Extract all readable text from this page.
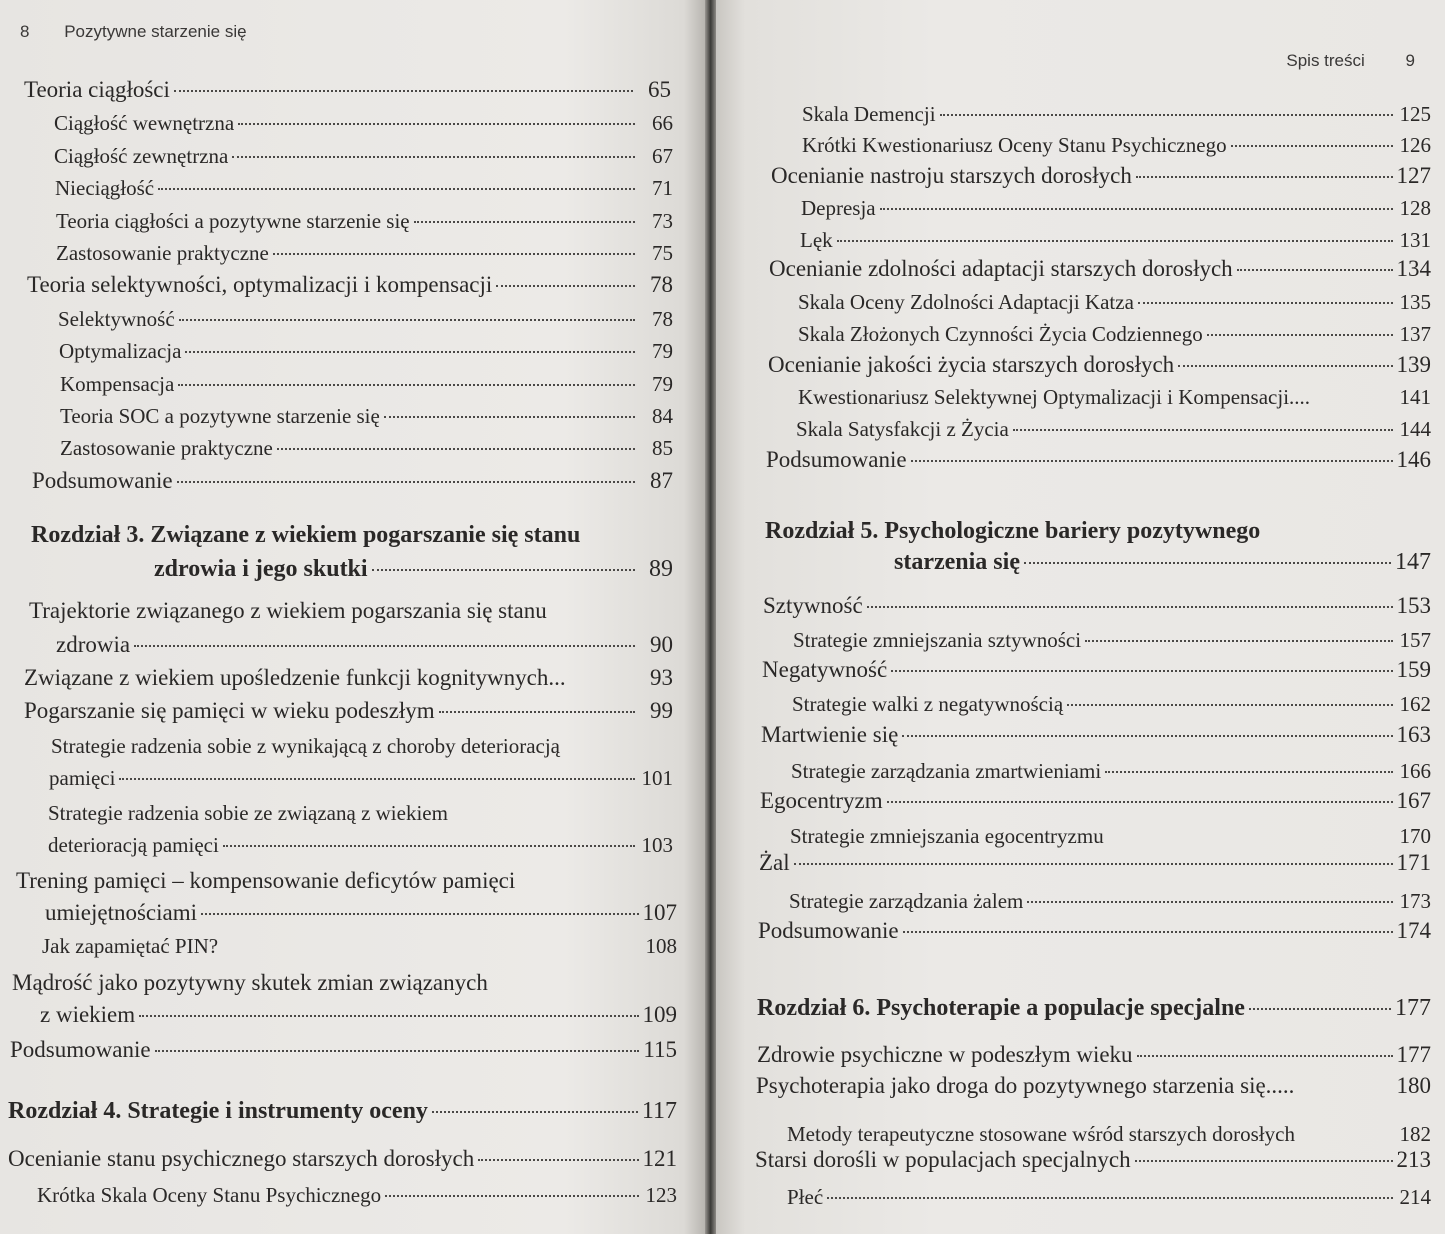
8 Pozytywne starzenie się
Teoria ciągłości	65
Ciągłość wewnętrzna	66
Ciągłość zewnętrzna	67
Nieciągłość	71
Teoria ciągłości a pozytywne starzenie się	73
Zastosowanie praktyczne	75
Teoria selektywności, optymalizacji i kompensacji	78
Selektywność	78
Optymalizacja	79
Kompensacja	79
Teoria SOC a pozytywne starzenie się	84
Zastosowanie praktyczne	85
Podsumowanie	87
Rozdział 3. Związane z wiekiem pogarszanie się stanu
zdrowia i jego skutki	89
Trajektorie związanego z wiekiem pogarszania się stanu
zdrowia	90
Związane z wiekiem upośledzenie funkcji kognitywnych...	93
Pogarszanie się pamięci w wieku podeszłym	99
Strategie radzenia sobie z wynikającą z choroby deterioracją
pamięci	101
Strategie radzenia sobie ze związaną z wiekiem
deterioracją pamięci	103
Trening pamięci – kompensowanie deficytów pamięci
umiejętnościami	107
Jak zapamiętać PIN?	108
Mądrość jako pozytywny skutek zmian związanych
z wiekiem	109
Podsumowanie	115
Rozdział 4. Strategie i instrumenty oceny	117
Ocenianie stanu psychicznego starszych dorosłych	121
Krótka Skala Oceny Stanu Psychicznego	123
Spis treści 9
Skala Demencji	125
Krótki Kwestionariusz Oceny Stanu Psychicznego	126
Ocenianie nastroju starszych dorosłych	127
Depresja	128
Lęk	131
Ocenianie zdolności adaptacji starszych dorosłych	134
Skala Oceny Zdolności Adaptacji Katza	135
Skala Złożonych Czynności Życia Codziennego	137
Ocenianie jakości życia starszych dorosłych	139
Kwestionariusz Selektywnej Optymalizacji i Kompensacji....	141
Skala Satysfakcji z Życia	144
Podsumowanie	146
Rozdział 5. Psychologiczne bariery pozytywnego
starzenia się	147
Sztywność	153
Strategie zmniejszania sztywności	157
Negatywność	159
Strategie walki z negatywnością	162
Martwienie się	163
Strategie zarządzania zmartwieniami	166
Egocentryzm	167
Strategie zmniejszania egocentryzmu	170
Żal	171
Strategie zarządzania żalem	173
Podsumowanie	174
Rozdział 6. Psychoterapie a populacje specjalne	177
Zdrowie psychiczne w podeszłym wieku	177
Psychoterapia jako droga do pozytywnego starzenia się.....	180
Metody terapeutyczne stosowane wśród starszych dorosłych	182
Starsi dorośli w populacjach specjalnych	213
Płeć	214
